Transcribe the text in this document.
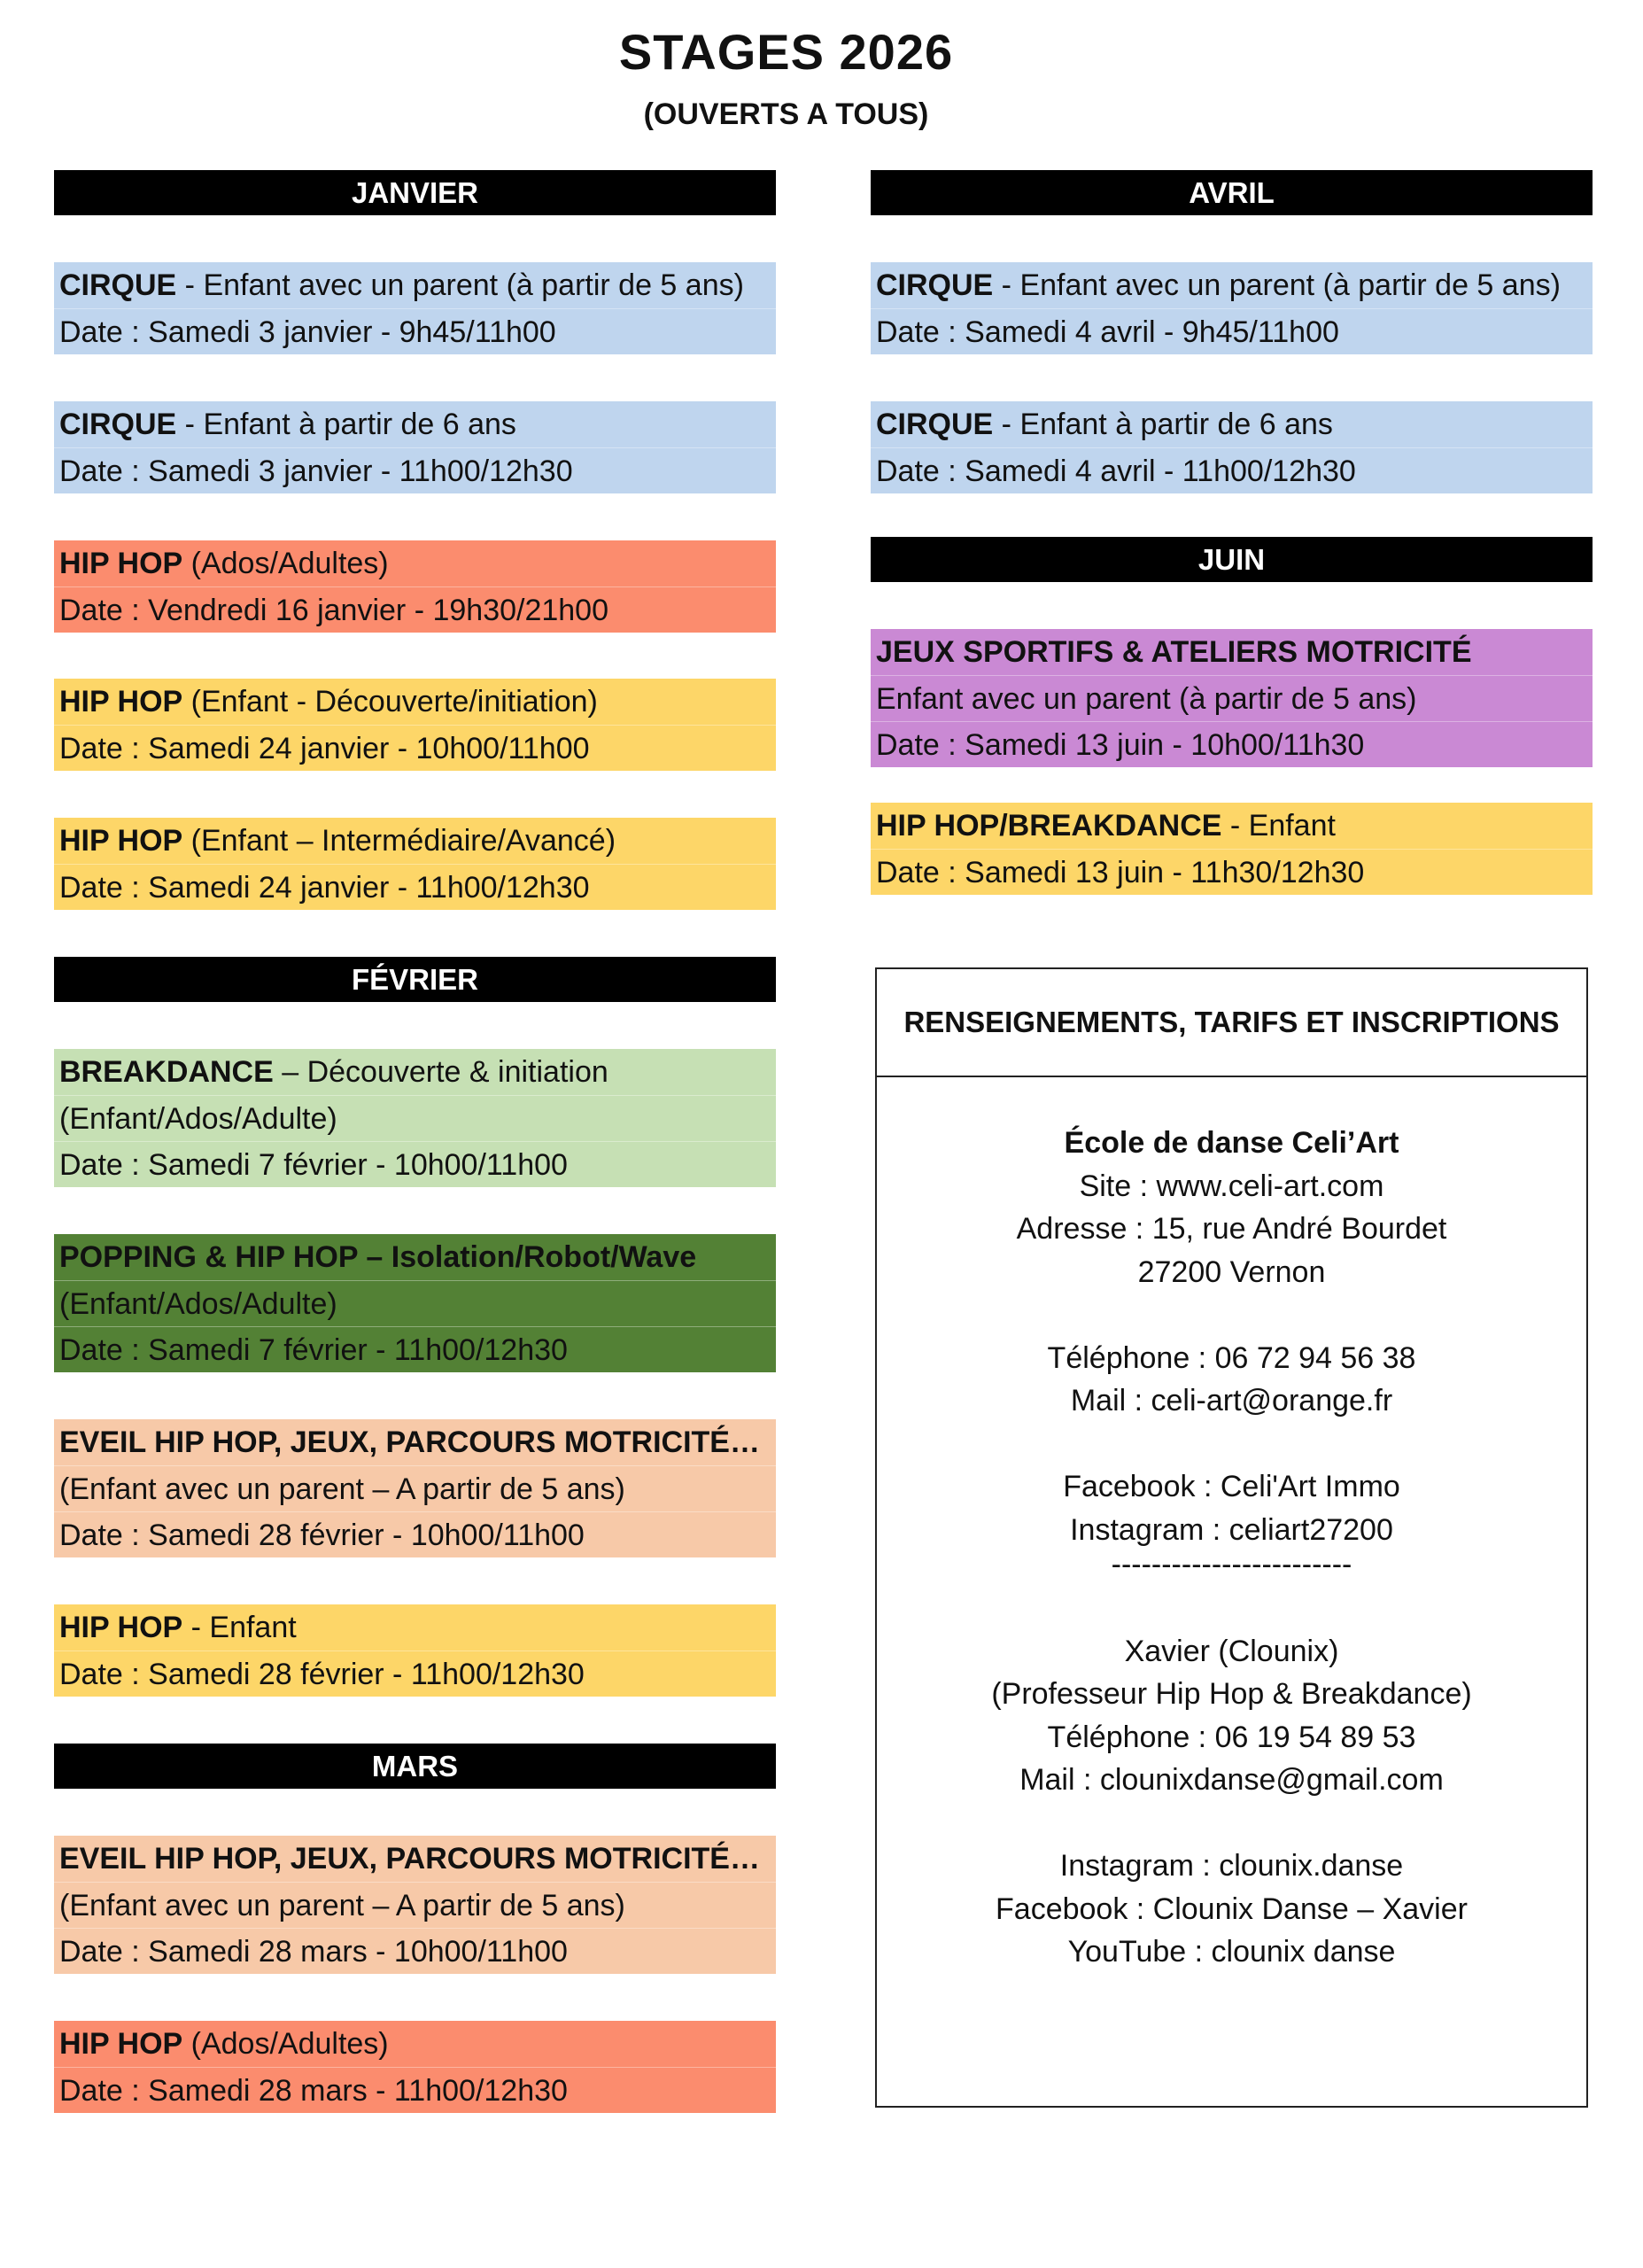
STAGES 2026
(OUVERTS A TOUS)
JANVIER
CIRQUE - Enfant avec un parent (à partir de 5 ans)
Date : Samedi 3 janvier - 9h45/11h00
CIRQUE - Enfant à partir de 6 ans
Date : Samedi 3 janvier - 11h00/12h30
HIP HOP (Ados/Adultes)
Date : Vendredi 16 janvier - 19h30/21h00
HIP HOP (Enfant - Découverte/initiation)
Date : Samedi 24 janvier - 10h00/11h00
HIP HOP (Enfant – Intermédiaire/Avancé)
Date : Samedi 24 janvier - 11h00/12h30
FÉVRIER
BREAKDANCE – Découverte & initiation
(Enfant/Ados/Adulte)
Date : Samedi 7 février - 10h00/11h00
POPPING & HIP HOP – Isolation/Robot/Wave
(Enfant/Ados/Adulte)
Date : Samedi 7 février - 11h00/12h30
EVEIL HIP HOP, JEUX, PARCOURS MOTRICITÉ…
(Enfant avec un parent – A partir de 5 ans)
Date : Samedi 28 février - 10h00/11h00
HIP HOP - Enfant
Date : Samedi 28 février - 11h00/12h30
MARS
EVEIL HIP HOP, JEUX, PARCOURS MOTRICITÉ…
(Enfant avec un parent – A partir de 5 ans)
Date : Samedi 28 mars - 10h00/11h00
HIP HOP (Ados/Adultes)
Date : Samedi 28 mars - 11h00/12h30
AVRIL
CIRQUE - Enfant avec un parent (à partir de 5 ans)
Date : Samedi 4 avril - 9h45/11h00
CIRQUE - Enfant à partir de 6 ans
Date : Samedi 4 avril - 11h00/12h30
JUIN
JEUX SPORTIFS & ATELIERS MOTRICITÉ
Enfant avec un parent (à partir de 5 ans)
Date : Samedi 13 juin - 10h00/11h30
HIP HOP/BREAKDANCE - Enfant
Date : Samedi 13 juin - 11h30/12h30
RENSEIGNEMENTS, TARIFS ET INSCRIPTIONS
École de danse Celi’Art
Site : www.celi-art.com
Adresse : 15, rue André Bourdet
27200 Vernon
Téléphone : 06 72 94 56 38
Mail : celi-art@orange.fr
Facebook : Celi'Art Immo
Instagram : celiart27200
------------------------
Xavier (Clounix)
(Professeur Hip Hop & Breakdance)
Téléphone : 06 19 54 89 53
Mail : clounixdanse@gmail.com
Instagram : clounix.danse
Facebook : Clounix Danse – Xavier
YouTube : clounix danse
